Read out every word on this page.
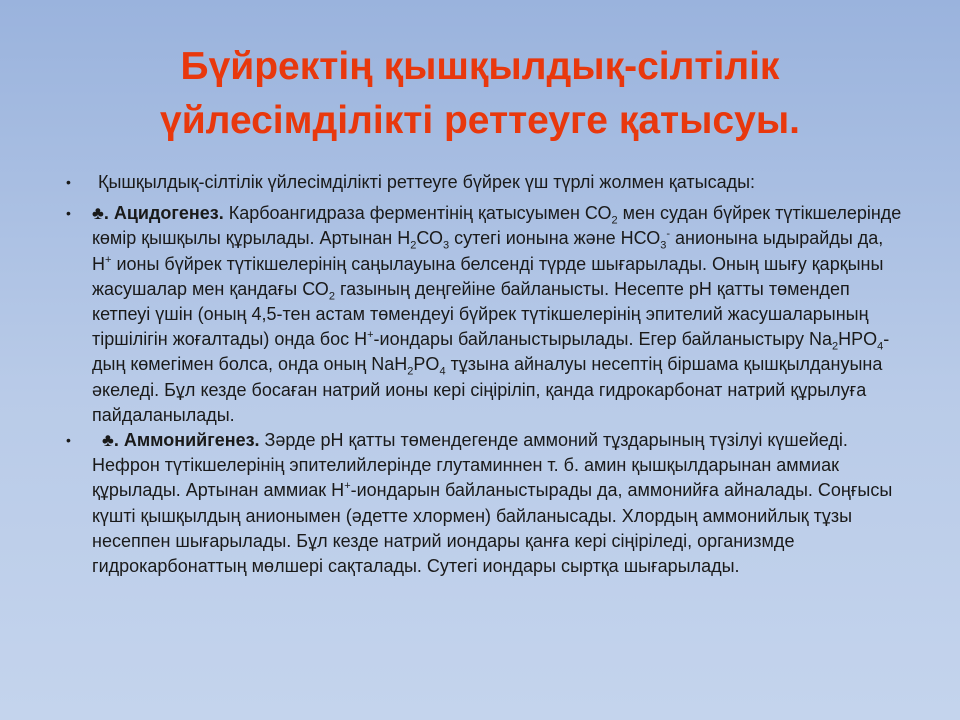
Бүйректің қышқылдық-сілтілік
үйлесімділікті реттеуге қатысуы.
•	Қышқылдық-сілтілік үйлесімділікті реттеуге бүйрек үш түрлі жолмен қатысады:
• ♣. Ацидогенез. Карбоангидраза ферментінің қатысуымен $СО_2$ мен судан бүйрек түтікшелерінде көмір қышқылы құрылады. Артынан $Н_2СО_3$ сутегі ионына және $НСО_3^-$ анионына ыдырайды да, Н+ ионы бүйрек түтікшелерінің саңылауына белсенді түрде шығарылады. Оның шығу қарқыны жасушалар мен қандағы $СО_2$ газының деңгейіне байланысты. Несепте рН қатты төмендеп кетпеуі үшін (оның 4,5-тен астам төмендеуі бүйрек түтікшелерінің эпителий жасушаларының тіршілігін жоғалтады) онда бос Н+-иондары байланыстырылады. Егер байланыстыру $Na_2HPO_4$-дың көмегімен болса, онда оның $NaH_2PO_4$ тұзына айналуы несептің біршама қышқылдануына әкеледі. Бұл кезде босаған натрий ионы кері сіңіріліп, қанда гидрокарбонат натрий құрылуға пайдаланылады.
•	♣. Аммонийгенез. Зәрде рН қатты төмендегенде аммоний тұздарының түзілуі күшейеді. Нефрон түтікшелерінің эпителийлерінде глутаминнен т. б. амин қышқылдарынан аммиак құрылады. Артынан аммиак Н+-иондарын байланыстырады да, аммонийға айналады. Соңғысы күшті қышқылдың анионымен (әдетте хлормен) байланысады. Хлордың аммонийлық тұзы несеппен шығарылады. Бұл кезде натрий иондары қанға кері сіңіріледі, организмде гидрокарбонаттың мөлшері сақталады. Сутегі иондары сыртқа шығарылады.
